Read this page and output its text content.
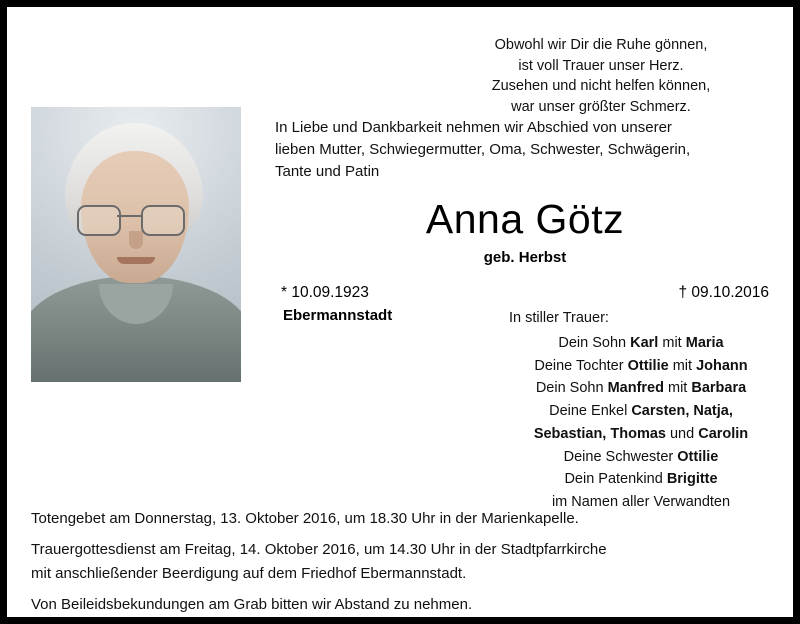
Obwohl wir Dir die Ruhe gönnen,
ist voll Trauer unser Herz.
Zusehen und nicht helfen können,
war unser größter Schmerz.
In Liebe und Dankbarkeit nehmen wir Abschied von unserer
lieben Mutter, Schwiegermutter, Oma, Schwester, Schwägerin,
Tante und Patin
Anna Götz
geb. Herbst
* 10.09.1923	† 09.10.2016
Ebermannstadt	In stiller Trauer:
Dein Sohn Karl mit Maria
Deine Tochter Ottilie mit Johann
Dein Sohn Manfred mit Barbara
Deine Enkel Carsten, Natja,
Sebastian, Thomas und Carolin
Deine Schwester Ottilie
Dein Patenkind Brigitte
im Namen aller Verwandten
Totengebet am Donnerstag, 13. Oktober 2016, um 18.30 Uhr in der Marienkapelle.
Trauergottesdienst am Freitag, 14. Oktober 2016, um 14.30 Uhr in der Stadtpfarrkirche
mit anschließender Beerdigung auf dem Friedhof Ebermannstadt.
Von Beileidsbekundungen am Grab bitten wir Abstand zu nehmen.
